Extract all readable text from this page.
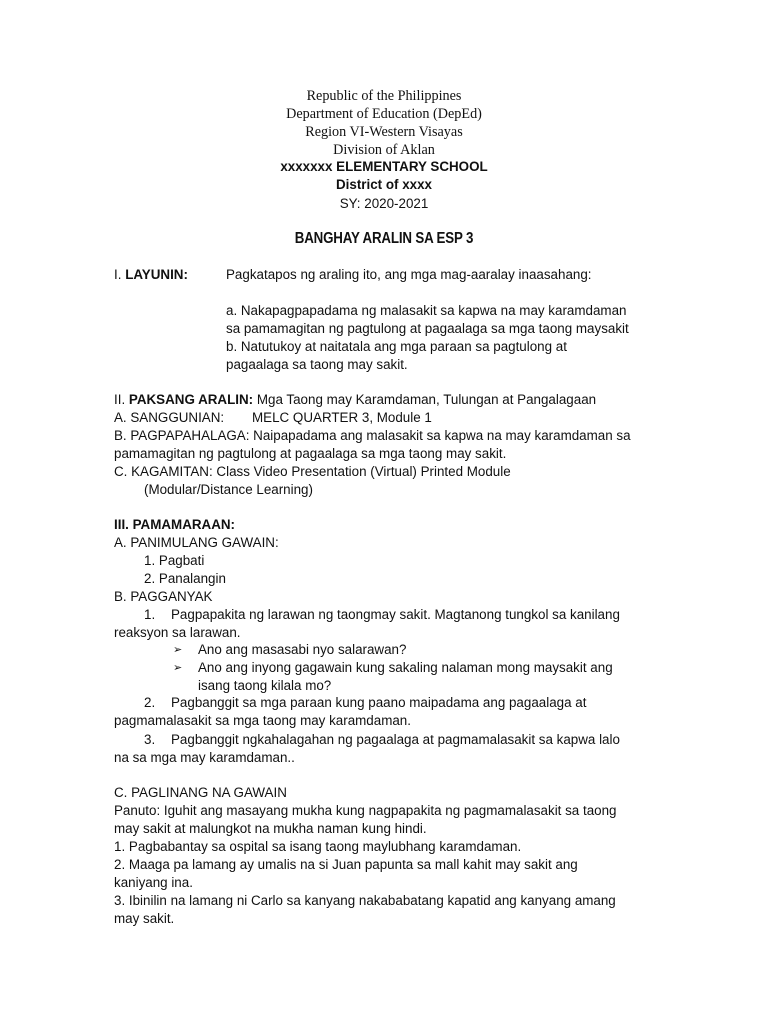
Republic of the Philippines
Department of Education (DepEd)
Region VI-Western Visayas
Division of Aklan
xxxxxxx ELEMENTARY SCHOOL
District of xxxx
SY: 2020-2021
BANGHAY ARALIN SA ESP 3
I. LAYUNIN:	Pagkatapos ng araling ito, ang mga mag-aaralay inaasahang:
a. Nakapagpapadama ng malasakit sa kapwa na may karamdaman
sa pamamagitan ng pagtulong at pagaalaga sa mga taong maysakit
b. Natutukoy at naitatala ang mga paraan sa pagtulong at
pagaalaga sa taong may sakit.
II. PAKSANG ARALIN: Mga Taong may Karamdaman, Tulungan at Pangalagaan
A. SANGGUNIAN: MELC QUARTER 3, Module 1
B. PAGPAPAHALAGA: Naipapadama ang malasakit sa kapwa na may karamdaman sa
pamamagitan ng pagtulong at pagaalaga sa mga taong may sakit.
C. KAGAMITAN: Class Video Presentation (Virtual) Printed Module
(Modular/Distance Learning)
III. PAMAMARAAN:
A. PANIMULANG GAWAIN:
1. Pagbati
2. Panalangin
B. PAGGANYAK
1. Pagpapakita ng larawan ng taongmay sakit. Magtanong tungkol sa kanilang
reaksyon sa larawan.
➢ Ano ang masasabi nyo salarawan?
➢ Ano ang inyong gagawain kung sakaling nalaman mong maysakit ang
isang taong kilala mo?
2. Pagbanggit sa mga paraan kung paano maipadama ang pagaalaga at
pagmamalasakit sa mga taong may karamdaman.
3. Pagbanggit ngkahalagahan ng pagaalaga at pagmamalasakit sa kapwa lalo
na sa mga may karamdaman..
C. PAGLINANG NA GAWAIN
Panuto: Iguhit ang masayang mukha kung nagpapakita ng pagmamalasakit sa taong
may sakit at malungkot na mukha naman kung hindi.
1. Pagbabantay sa ospital sa isang taong maylubhang karamdaman.
2. Maaga pa lamang ay umalis na si Juan papunta sa mall kahit may sakit ang
kaniyang ina.
3. Ibinilin na lamang ni Carlo sa kanyang nakababatang kapatid ang kanyang amang
may sakit.
